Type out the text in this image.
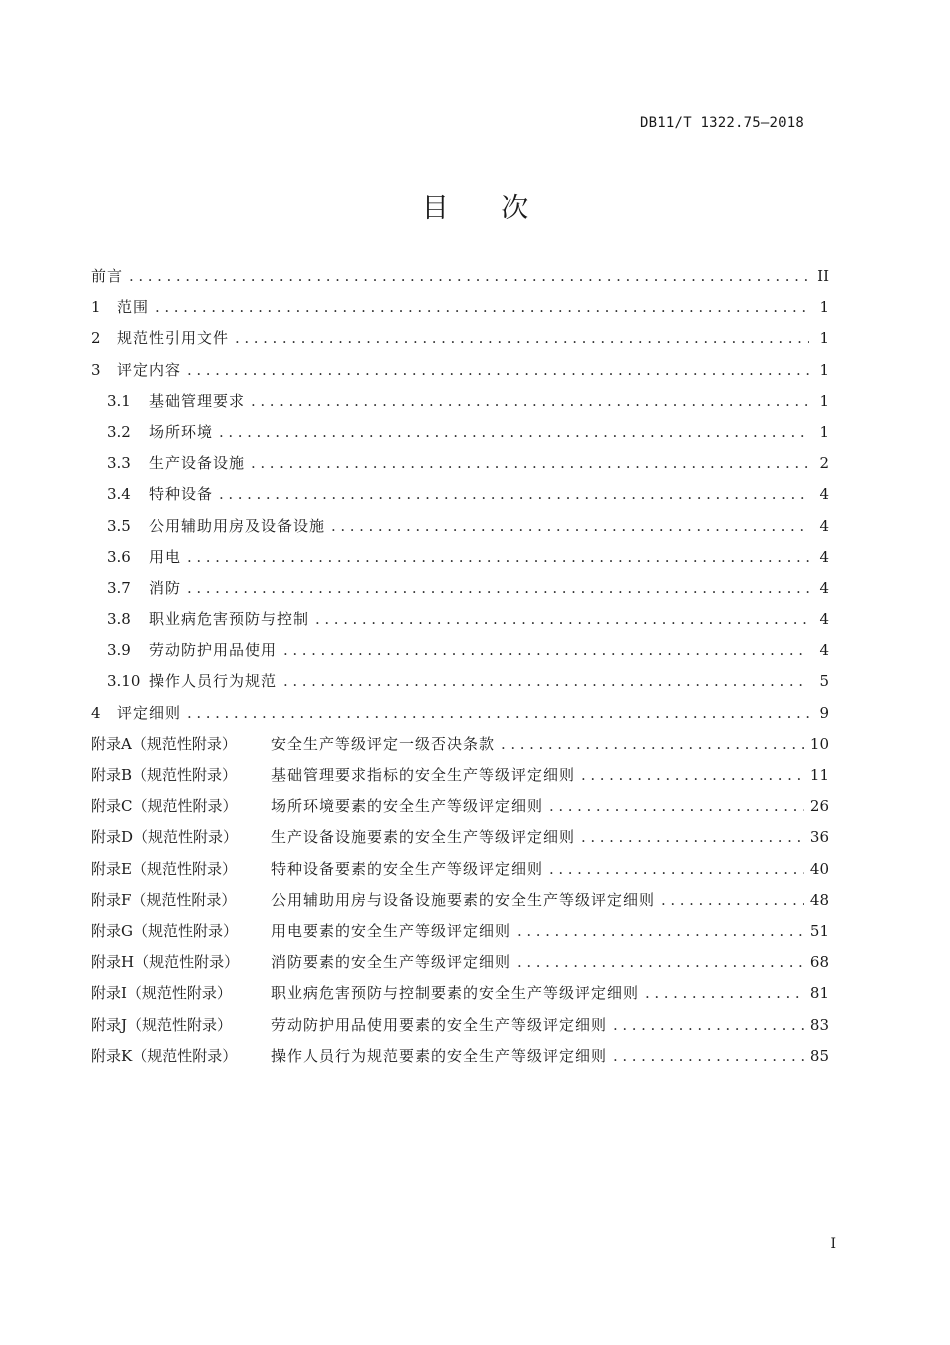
DB11/T 1322.75—2018
目 次
前言 .....	II
1	范围 .....	1
2	规范性引用文件 .....	1
3	评定内容 .....	1
3.1	基础管理要求 .....	1
3.2	场所环境 .....	1
3.3	生产设备设施 .....	2
3.4	特种设备 .....	4
3.5	公用辅助用房及设备设施 .....	4
3.6	用电 .....	4
3.7	消防 .....	4
3.8	职业病危害预防与控制 .....	4
3.9	劳动防护用品使用 .....	4
3.10 操作人员行为规范 .....	5
4	评定细则 .....	9
附录A（规范性附录）	安全生产等级评定一级否决条款 .....	10
附录B（规范性附录）	基础管理要求指标的安全生产等级评定细则 .....	11
附录C（规范性附录）	场所环境要素的安全生产等级评定细则 .....	26
附录D（规范性附录）	生产设备设施要素的安全生产等级评定细则 .....	36
附录E（规范性附录）	特种设备要素的安全生产等级评定细则 .....	40
附录F（规范性附录）	公用辅助用房与设备设施要素的安全生产等级评定细则 .....	48
附录G（规范性附录）	用电要素的安全生产等级评定细则 .....	51
附录H（规范性附录）	消防要素的安全生产等级评定细则 .....	68
附录I（规范性附录）	职业病危害预防与控制要素的安全生产等级评定细则 .....	81
附录J（规范性附录）	劳动防护用品使用要素的安全生产等级评定细则 .....	83
附录K（规范性附录）	操作人员行为规范要素的安全生产等级评定细则 .....	85
I
